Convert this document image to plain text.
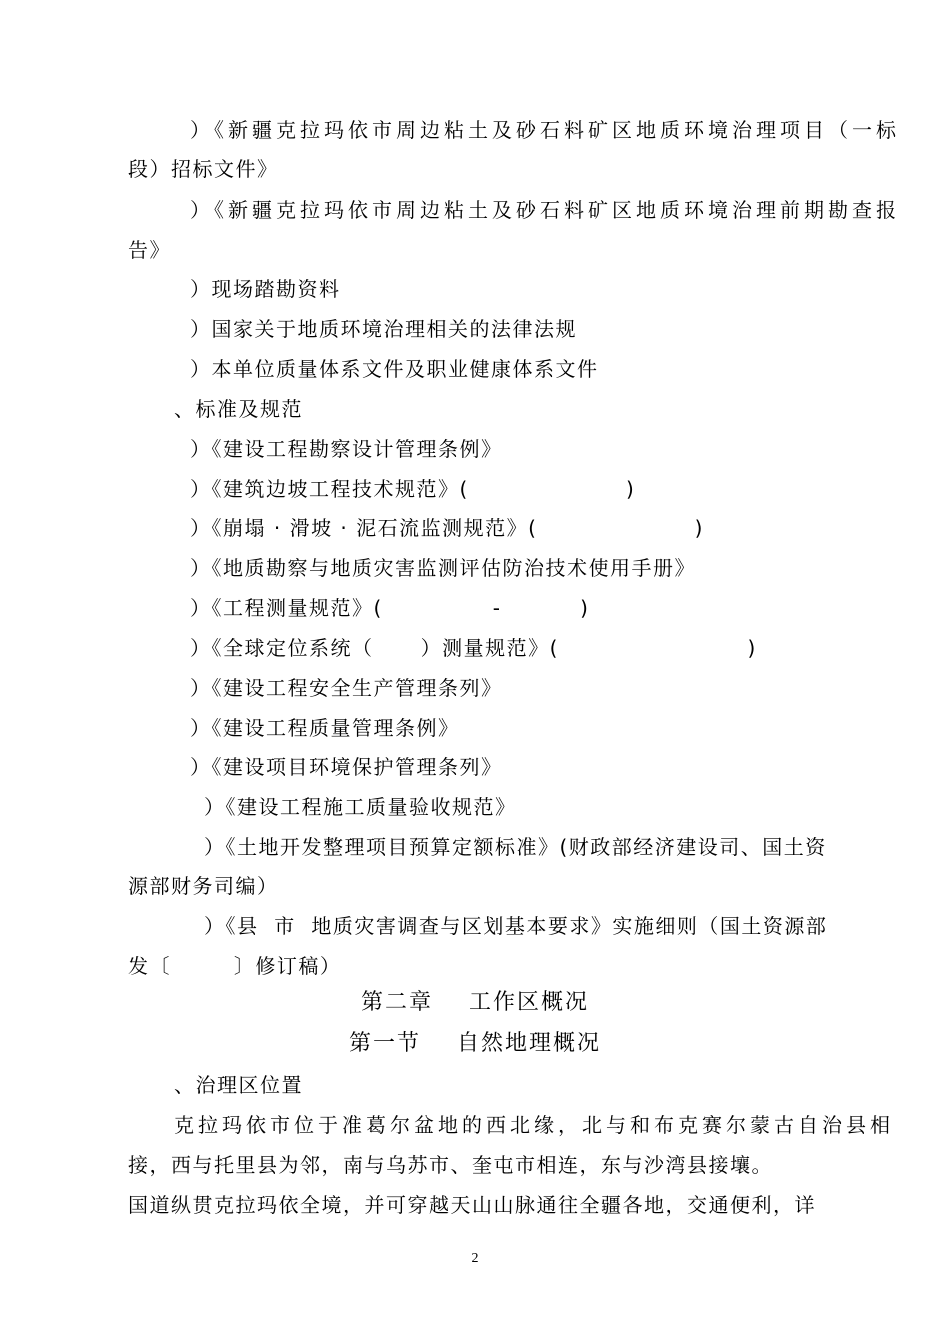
）《新疆克拉玛依市周边粘土及砂石料矿区地质环境治理项目（一标
段）招标文件》
）《新疆克拉玛依市周边粘土及砂石料矿区地质环境治理前期勘查报
告》
）现场踏勘资料
）国家关于地质环境治理相关的法律法规
）本单位质量体系文件及职业健康体系文件
、标准及规范
）《建设工程勘察设计管理条例》
）《建筑边坡工程技术规范》(                    )
）《崩塌 · 滑坡 · 泥石流监测规范》(                    )
）《地质勘察与地质灾害监测评估防治技术使用手册》
）《工程测量规范》(              -          )
）《全球定位系统（      ）测量规范》(                        )
）《建设工程安全生产管理条列》
）《建设工程质量管理条例》
）《建设项目环境保护管理条列》
）《建设工程施工质量验收规范》
）《土地开发整理项目预算定额标准》(财政部经济建设司、国土资
源部财务司编）
）《县  市  地质灾害调查与区划基本要求》实施细则（国土资源部
发〔        〕修订稿）
第二章    工作区概况
第一节    自然地理概况
、治理区位置
克拉玛依市位于准葛尔盆地的西北缘，北与和布克赛尔蒙古自治县相
接，西与托里县为邻，南与乌苏市、奎屯市相连，东与沙湾县接壤。
国道纵贯克拉玛依全境，并可穿越天山山脉通往全疆各地，交通便利，详
2
